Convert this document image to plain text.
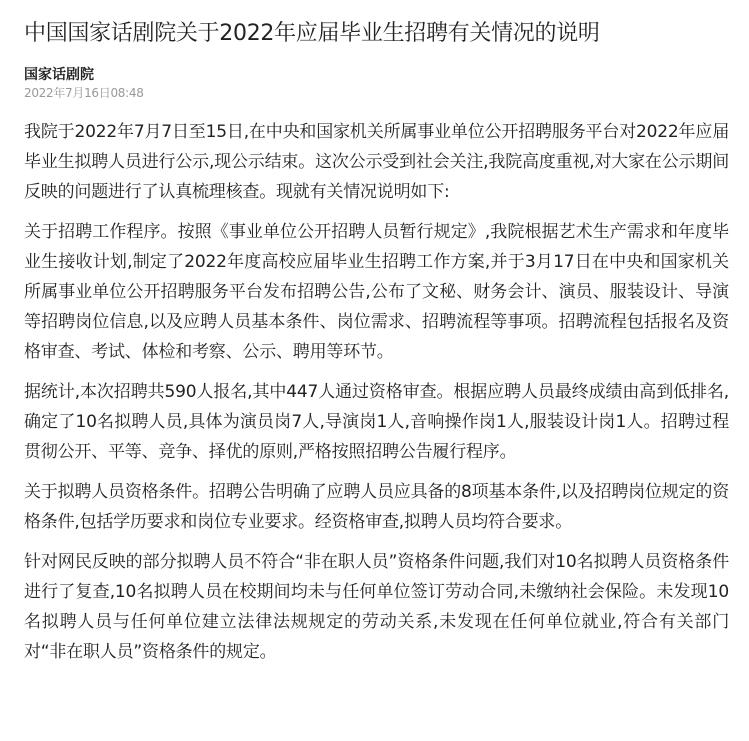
中国国家话剧院关于2022年应届毕业生招聘有关情况的说明
国家话剧院
2022年7月16日08:48

我院于2022年7月7日至15日,在中央和国家机关所属事业单位公开招聘服务平台对2022年应届毕业生拟聘人员进行公示,现公示结束。这次公示受到社会关注,我院高度重视,对大家在公示期间反映的问题进行了认真梳理核查。现就有关情况说明如下:

关于招聘工作程序。按照《事业单位公开招聘人员暂行规定》,我院根据艺术生产需求和年度毕业生接收计划,制定了2022年度高校应届毕业生招聘工作方案,并于3月17日在中央和国家机关所属事业单位公开招聘服务平台发布招聘公告,公布了文秘、财务会计、演员、服装设计、导演等招聘岗位信息,以及应聘人员基本条件、岗位需求、招聘流程等事项。招聘流程包括报名及资格审查、考试、体检和考察、公示、聘用等环节。

据统计,本次招聘共590人报名,其中447人通过资格审查。根据应聘人员最终成绩由高到低排名,确定了10名拟聘人员,具体为演员岗7人,导演岗1人,音响操作岗1人,服装设计岗1人。招聘过程贯彻公开、平等、竞争、择优的原则,严格按照招聘公告履行程序。

关于拟聘人员资格条件。招聘公告明确了应聘人员应具备的8项基本条件,以及招聘岗位规定的资格条件,包括学历要求和岗位专业要求。经资格审查,拟聘人员均符合要求。

针对网民反映的部分拟聘人员不符合“非在职人员”资格条件问题,我们对10名拟聘人员资格条件进行了复查,10名拟聘人员在校期间均未与任何单位签订劳动合同,未缴纳社会保险。未发现10名拟聘人员与任何单位建立法律法规规定的劳动关系,未发现在任何单位就业,符合有关部门对“非在职人员”资格条件的规定。
